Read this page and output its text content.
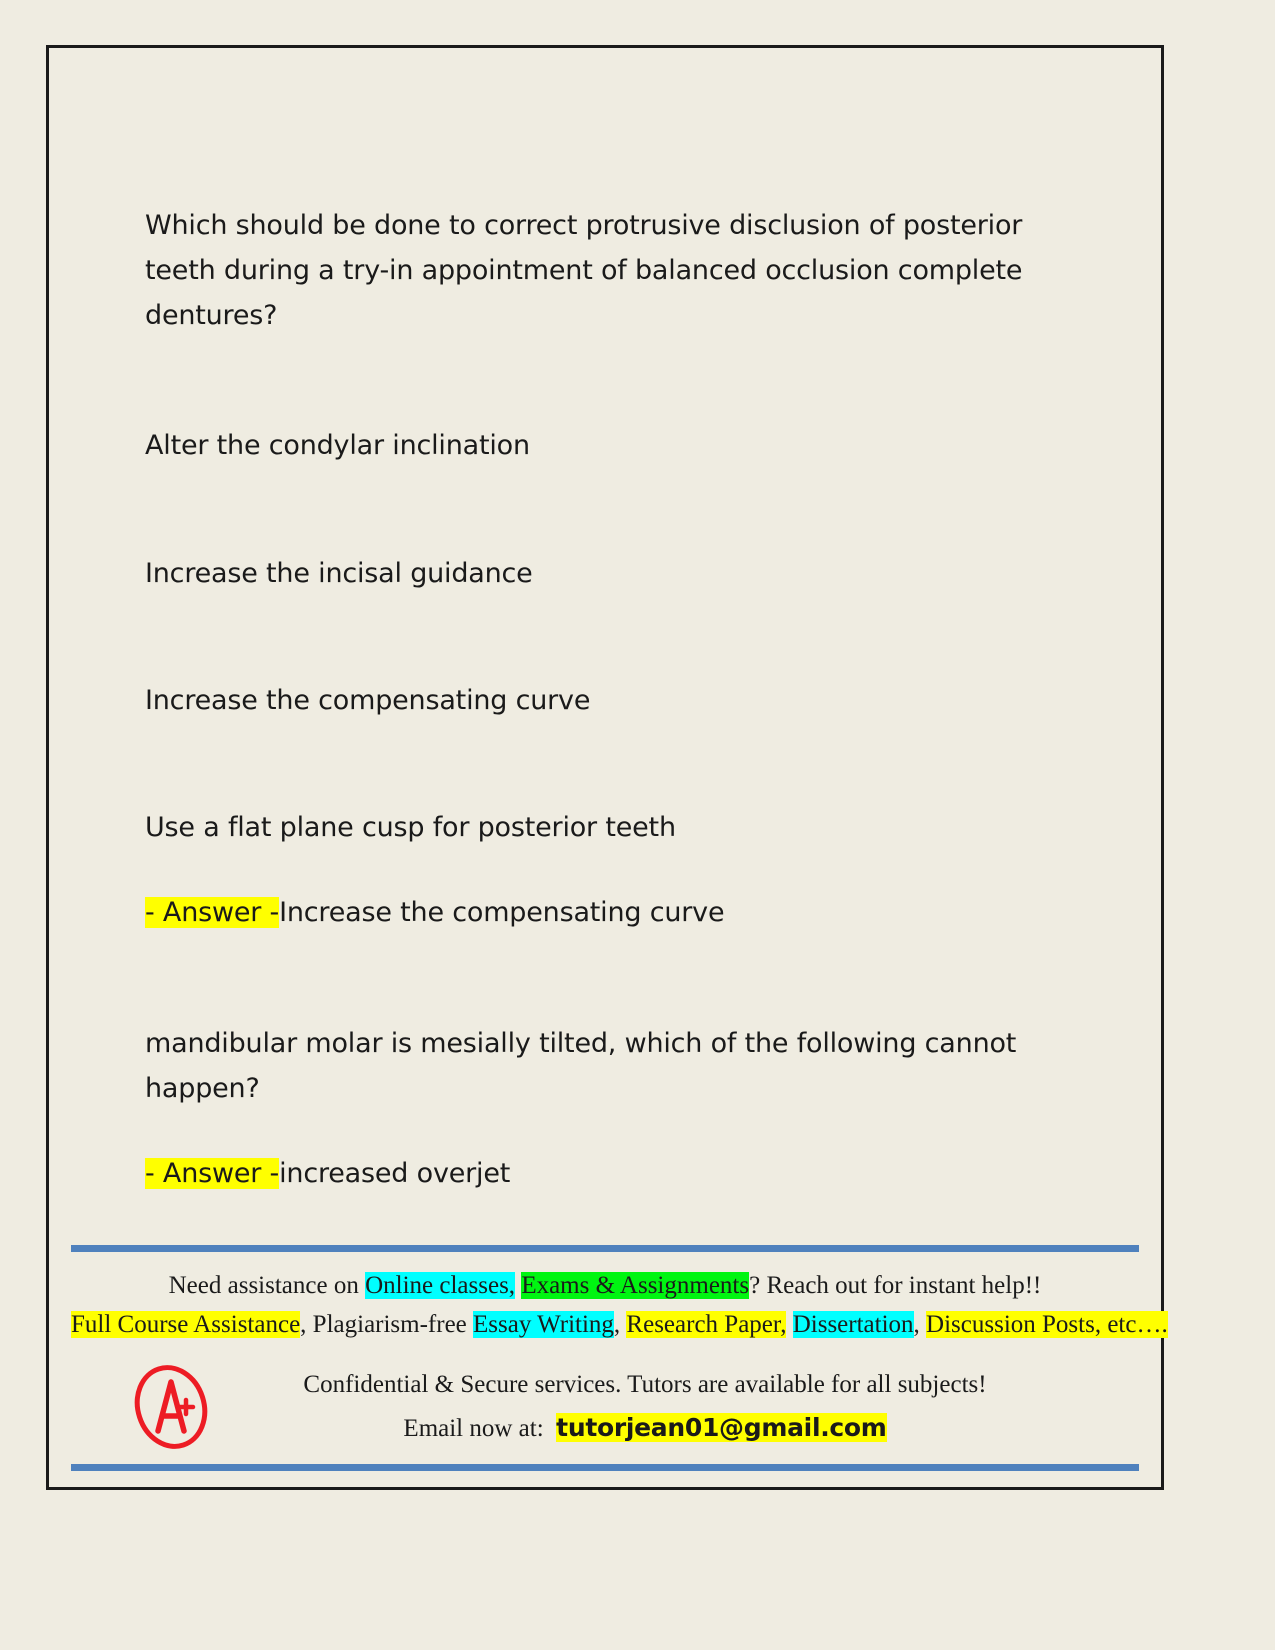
Which should be done to correct protrusive disclusion of posterior teeth during a try-in appointment of balanced occlusion complete dentures?
Alter the condylar inclination
Increase the incisal guidance
Increase the compensating curve
Use a flat plane cusp for posterior teeth
- Answer -Increase the compensating curve
mandibular molar is mesially tilted, which of the following cannot happen?
- Answer -increased overjet
Need assistance on Online classes, Exams & Assignments? Reach out for instant help!!
Full Course Assistance, Plagiarism-free Essay Writing, Research Paper, Dissertation, Discussion Posts, etc….
Confidential & Secure services. Tutors are available for all subjects!
Email now at: tutorjean01@gmail.com
